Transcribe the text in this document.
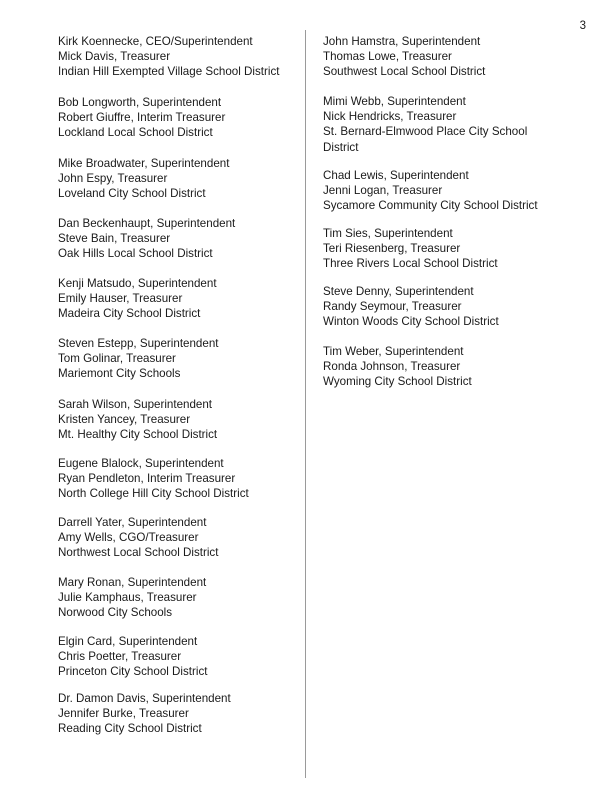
3
Kirk Koennecke, CEO/Superintendent
Mick Davis, Treasurer
Indian Hill Exempted Village School District
Bob Longworth, Superintendent
Robert Giuffre, Interim Treasurer
Lockland Local School District
Mike Broadwater, Superintendent
John Espy, Treasurer
Loveland City School District
Dan Beckenhaupt, Superintendent
Steve Bain, Treasurer
Oak Hills Local School District
Kenji Matsudo, Superintendent
Emily Hauser, Treasurer
Madeira City School District
Steven Estepp, Superintendent
Tom Golinar, Treasurer
Mariemont City Schools
Sarah Wilson, Superintendent
Kristen Yancey, Treasurer
Mt. Healthy City School District
Eugene Blalock, Superintendent
Ryan Pendleton, Interim Treasurer
North College Hill City School District
Darrell Yater, Superintendent
Amy Wells, CGO/Treasurer
Northwest Local School District
Mary Ronan, Superintendent
Julie Kamphaus, Treasurer
Norwood City Schools
Elgin Card, Superintendent
Chris Poetter, Treasurer
Princeton City School District
Dr. Damon Davis, Superintendent
Jennifer Burke, Treasurer
Reading City School District
John Hamstra, Superintendent
Thomas Lowe, Treasurer
Southwest Local School District
Mimi Webb, Superintendent
Nick Hendricks, Treasurer
St. Bernard-Elmwood Place City School District
Chad Lewis, Superintendent
Jenni Logan, Treasurer
Sycamore Community City School District
Tim Sies, Superintendent
Teri Riesenberg, Treasurer
Three Rivers Local School District
Steve Denny, Superintendent
Randy Seymour, Treasurer
Winton Woods City School District
Tim Weber, Superintendent
Ronda Johnson, Treasurer
Wyoming City School District
